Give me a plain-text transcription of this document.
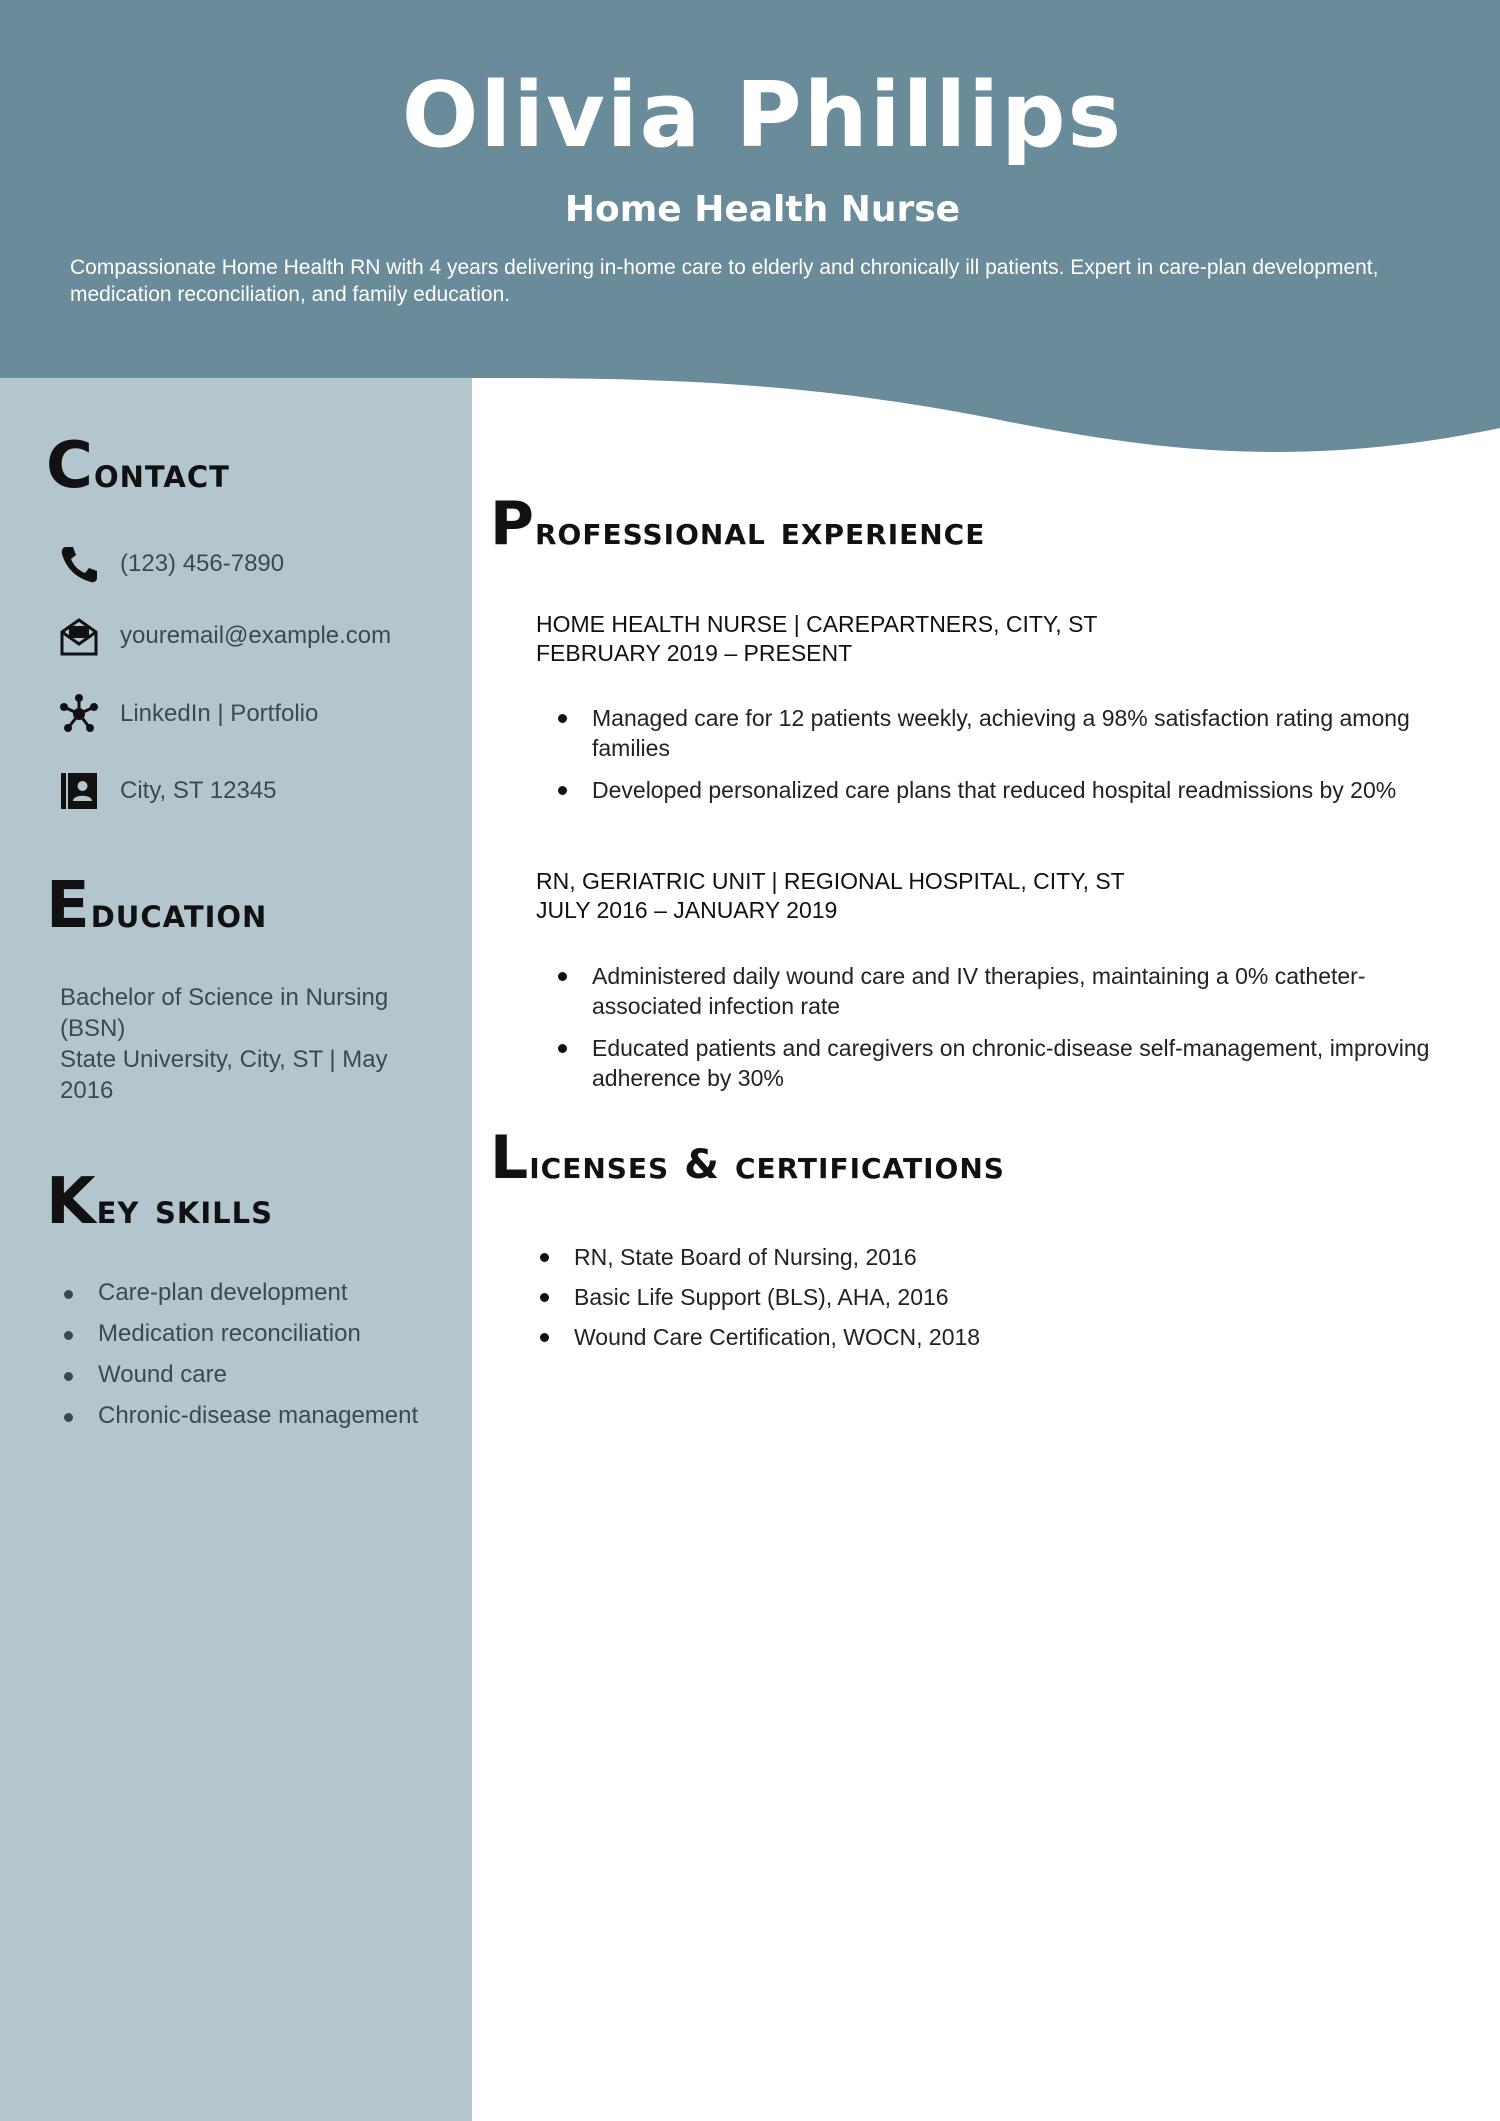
Olivia Phillips
Home Health Nurse
Compassionate Home Health RN with 4 years delivering in-home care to elderly and chronically ill patients. Expert in care-plan development, medication reconciliation, and family education.
Contact
(123) 456-7890
youremail@example.com
LinkedIn | Portfolio
City, ST 12345
Education
Bachelor of Science in Nursing (BSN)
State University, City, ST | May 2016
Key skills
Care-plan development
Medication reconciliation
Wound care
Chronic-disease management
Professional experience
HOME HEALTH NURSE | CAREPARTNERS, CITY, ST
FEBRUARY 2019 – PRESENT
Managed care for 12 patients weekly, achieving a 98% satisfaction rating among families
Developed personalized care plans that reduced hospital readmissions by 20%
RN, GERIATRIC UNIT | REGIONAL HOSPITAL, CITY, ST
JULY 2016 – JANUARY 2019
Administered daily wound care and IV therapies, maintaining a 0% catheter-associated infection rate
Educated patients and caregivers on chronic-disease self-management, improving adherence by 30%
Licenses & certifications
RN, State Board of Nursing, 2016
Basic Life Support (BLS), AHA, 2016
Wound Care Certification, WOCN, 2018
